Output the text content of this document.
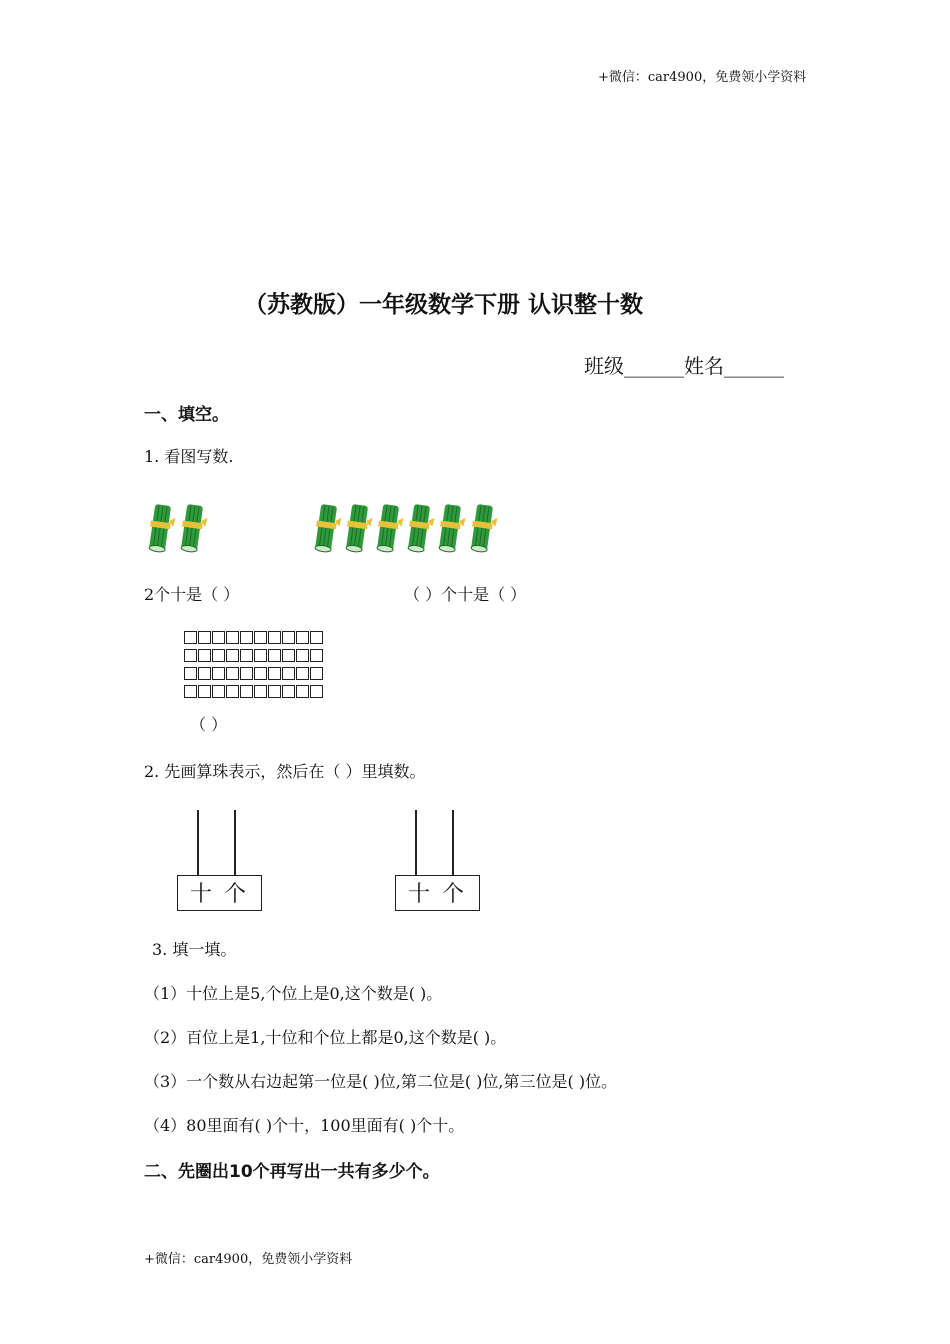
+微信：car4900，免费领小学资料
（苏教版）一年级数学下册 认识整十数
班级______姓名______
一、填空。
1. 看图写数.
2个十是（ ）	（ ）个十是（ ）
（ ）
2. 先画算珠表示，然后在（ ）里填数。
十 个	十 个
3. 填一填。
（1）十位上是5,个位上是0,这个数是( )。
（2）百位上是1,十位和个位上都是0,这个数是( )。
（3）一个数从右边起第一位是( )位,第二位是( )位,第三位是( )位。
（4）80里面有( )个十，100里面有( )个十。
二、先圈出10个再写出一共有多少个。
+微信：car4900，免费领小学资料
